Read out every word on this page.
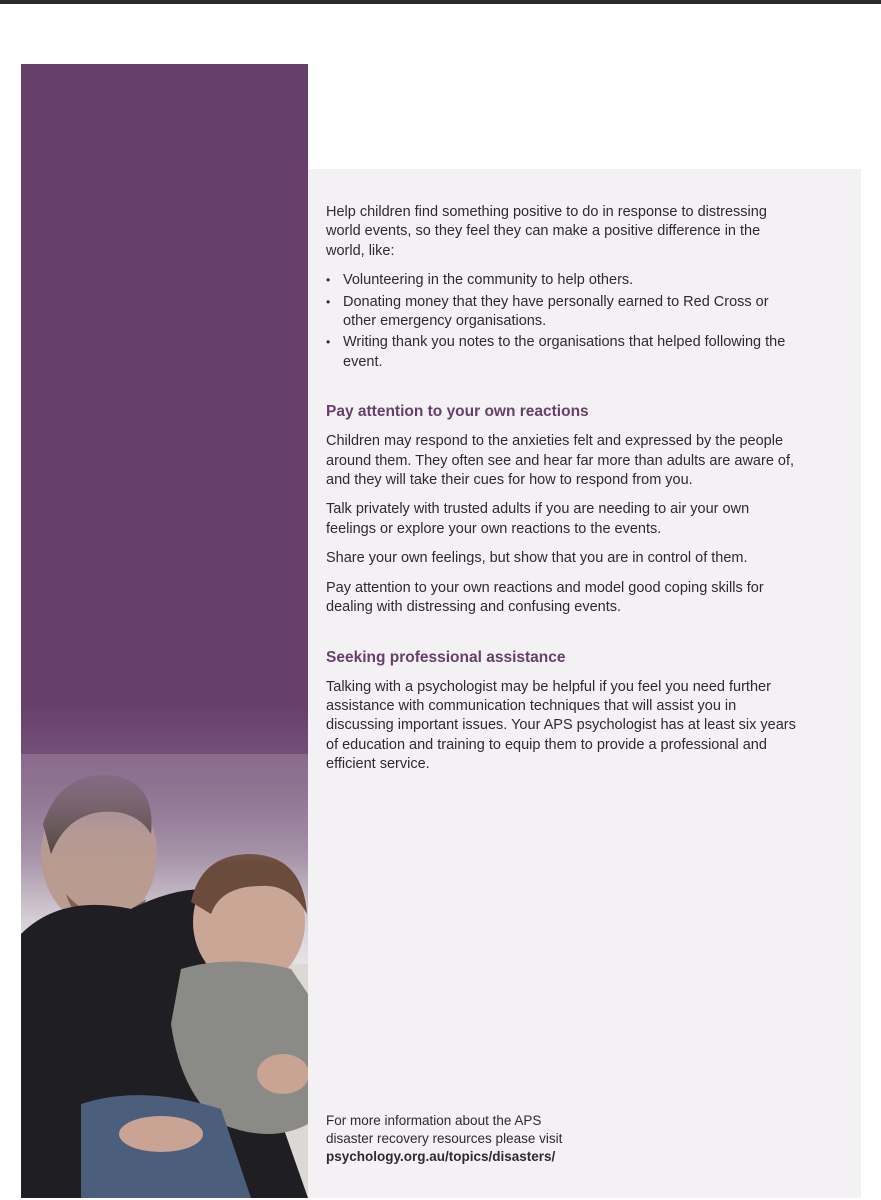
Help children find something positive to do in response to distressing world events, so they feel they can make a positive difference in the world, like:

• Volunteering in the community to help others.
• Donating money that they have personally earned to Red Cross or other emergency organisations.
• Writing thank you notes to the organisations that helped following the event.
Pay attention to your own reactions

Children may respond to the anxieties felt and expressed by the people around them. They often see and hear far more than adults are aware of, and they will take their cues for how to respond from you.

Talk privately with trusted adults if you are needing to air your own feelings or explore your own reactions to the events.

Share your own feelings, but show that you are in control of them.

Pay attention to your own reactions and model good coping skills for dealing with distressing and confusing events.

Seeking professional assistance

Talking with a psychologist may be helpful if you feel you need further assistance with communication techniques that will assist you in discussing important issues. Your APS psychologist has at least six years of education and training to equip them to provide a professional and efficient service.

For more information about the APS

disaster recovery resources please visit

psychology.org.au/topics/disasters/
